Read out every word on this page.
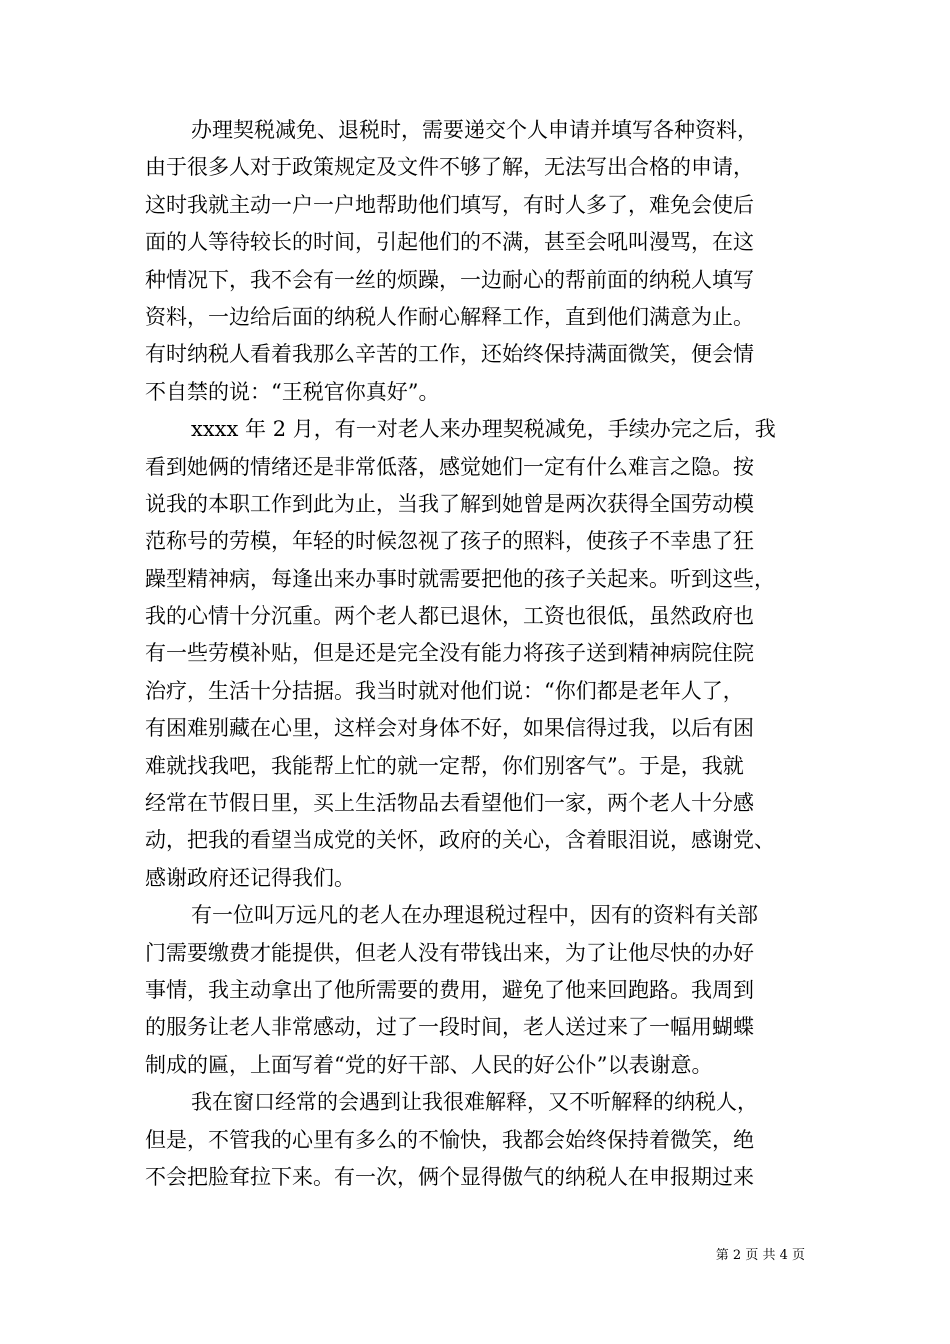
办理契税减免、退税时，需要递交个人申请并填写各种资料，
由于很多人对于政策规定及文件不够了解，无法写出合格的申请，
这时我就主动一户一户地帮助他们填写，有时人多了，难免会使后
面的人等待较长的时间，引起他们的不满，甚至会吼叫漫骂，在这
种情况下，我不会有一丝的烦躁，一边耐心的帮前面的纳税人填写
资料，一边给后面的纳税人作耐心解释工作，直到他们满意为止。
有时纳税人看着我那么辛苦的工作，还始终保持满面微笑，便会情
不自禁的说：“王税官你真好”。
xxxx 年 2 月，有一对老人来办理契税减免，手续办完之后，我
看到她俩的情绪还是非常低落，感觉她们一定有什么难言之隐。按
说我的本职工作到此为止，当我了解到她曾是两次获得全国劳动模
范称号的劳模，年轻的时候忽视了孩子的照料，使孩子不幸患了狂
躁型精神病，每逢出来办事时就需要把他的孩子关起来。听到这些，
我的心情十分沉重。两个老人都已退休，工资也很低，虽然政府也
有一些劳模补贴，但是还是完全没有能力将孩子送到精神病院住院
治疗，生活十分拮据。我当时就对他们说：“你们都是老年人了，
有困难别藏在心里，这样会对身体不好，如果信得过我，以后有困
难就找我吧，我能帮上忙的就一定帮，你们别客气”。于是，我就
经常在节假日里，买上生活物品去看望他们一家，两个老人十分感
动，把我的看望当成党的关怀，政府的关心，含着眼泪说，感谢党、
感谢政府还记得我们。
有一位叫万远凡的老人在办理退税过程中，因有的资料有关部
门需要缴费才能提供，但老人没有带钱出来，为了让他尽快的办好
事情，我主动拿出了他所需要的费用，避免了他来回跑路。我周到
的服务让老人非常感动，过了一段时间，老人送过来了一幅用蝴蝶
制成的匾，上面写着“党的好干部、人民的好公仆”以表谢意。
我在窗口经常的会遇到让我很难解释，又不听解释的纳税人，
但是，不管我的心里有多么的不愉快，我都会始终保持着微笑，绝
不会把脸耷拉下来。有一次，俩个显得傲气的纳税人在申报期过来
第 2 页 共 4 页
